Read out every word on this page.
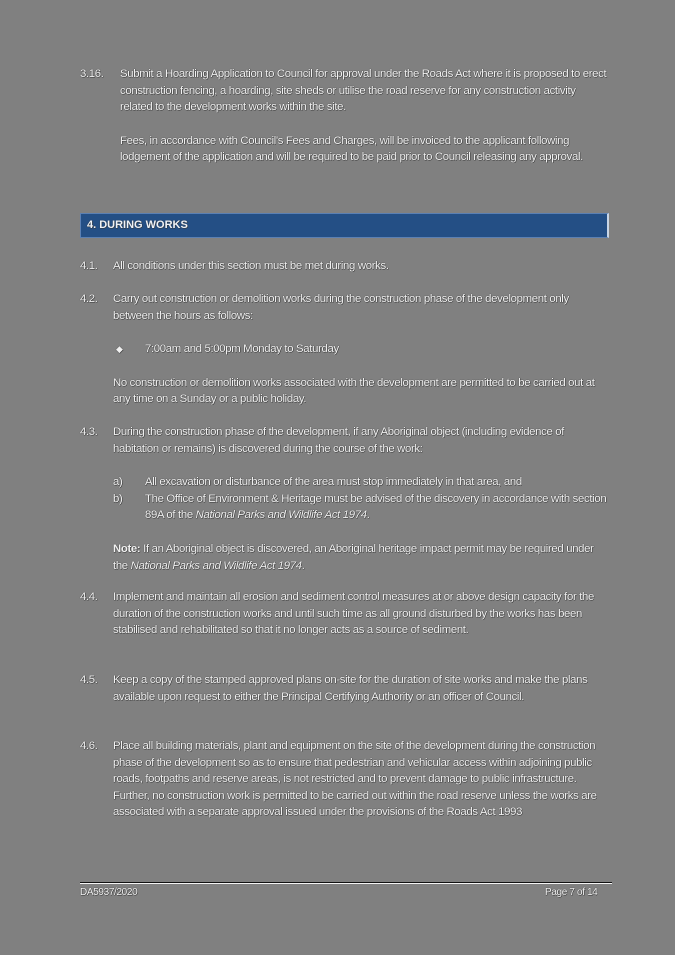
3.16.	Submit a Hoarding Application to Council for approval under the Roads Act where it is proposed to erect construction fencing, a hoarding, site sheds or utilise the road reserve for any construction activity related to the development works within the site.

Fees, in accordance with Council's Fees and Charges, will be invoiced to the applicant following lodgement of the application and will be required to be paid prior to Council releasing any approval.

4. DURING WORKS
4.1.	All conditions under this section must be met during works.

4.2.	Carry out construction or demolition works during the construction phase of the development only between the hours as follows:

◆ 7:00am and 5:00pm Monday to Saturday

No construction or demolition works associated with the development are permitted to be carried out at any time on a Sunday or a public holiday.

4.3.	During the construction phase of the development, if any Aboriginal object (including evidence of habitation or remains) is discovered during the course of the work:

a) All excavation or disturbance of the area must stop immediately in that area, and
b) The Office of Environment & Heritage must be advised of the discovery in accordance with section 89A of the National Parks and Wildlife Act 1974.

Note: If an Aboriginal object is discovered, an Aboriginal heritage impact permit may be required under the National Parks and Wildlife Act 1974.

4.4.	Implement and maintain all erosion and sediment control measures at or above design capacity for the duration of the construction works and until such time as all ground disturbed by the works has been stabilised and rehabilitated so that it no longer acts as a source of sediment.

4.5.	Keep a copy of the stamped approved plans on-site for the duration of site works and make the plans available upon request to either the Principal Certifying Authority or an officer of Council.

4.6.	Place all building materials, plant and equipment on the site of the development during the construction phase of the development so as to ensure that pedestrian and vehicular access within adjoining public roads, footpaths and reserve areas, is not restricted and to prevent damage to public infrastructure. Further, no construction work is permitted to be carried out within the road reserve unless the works are associated with a separate approval issued under the provisions of the Roads Act 1993

DA5937/2020	Page 7 of 14
